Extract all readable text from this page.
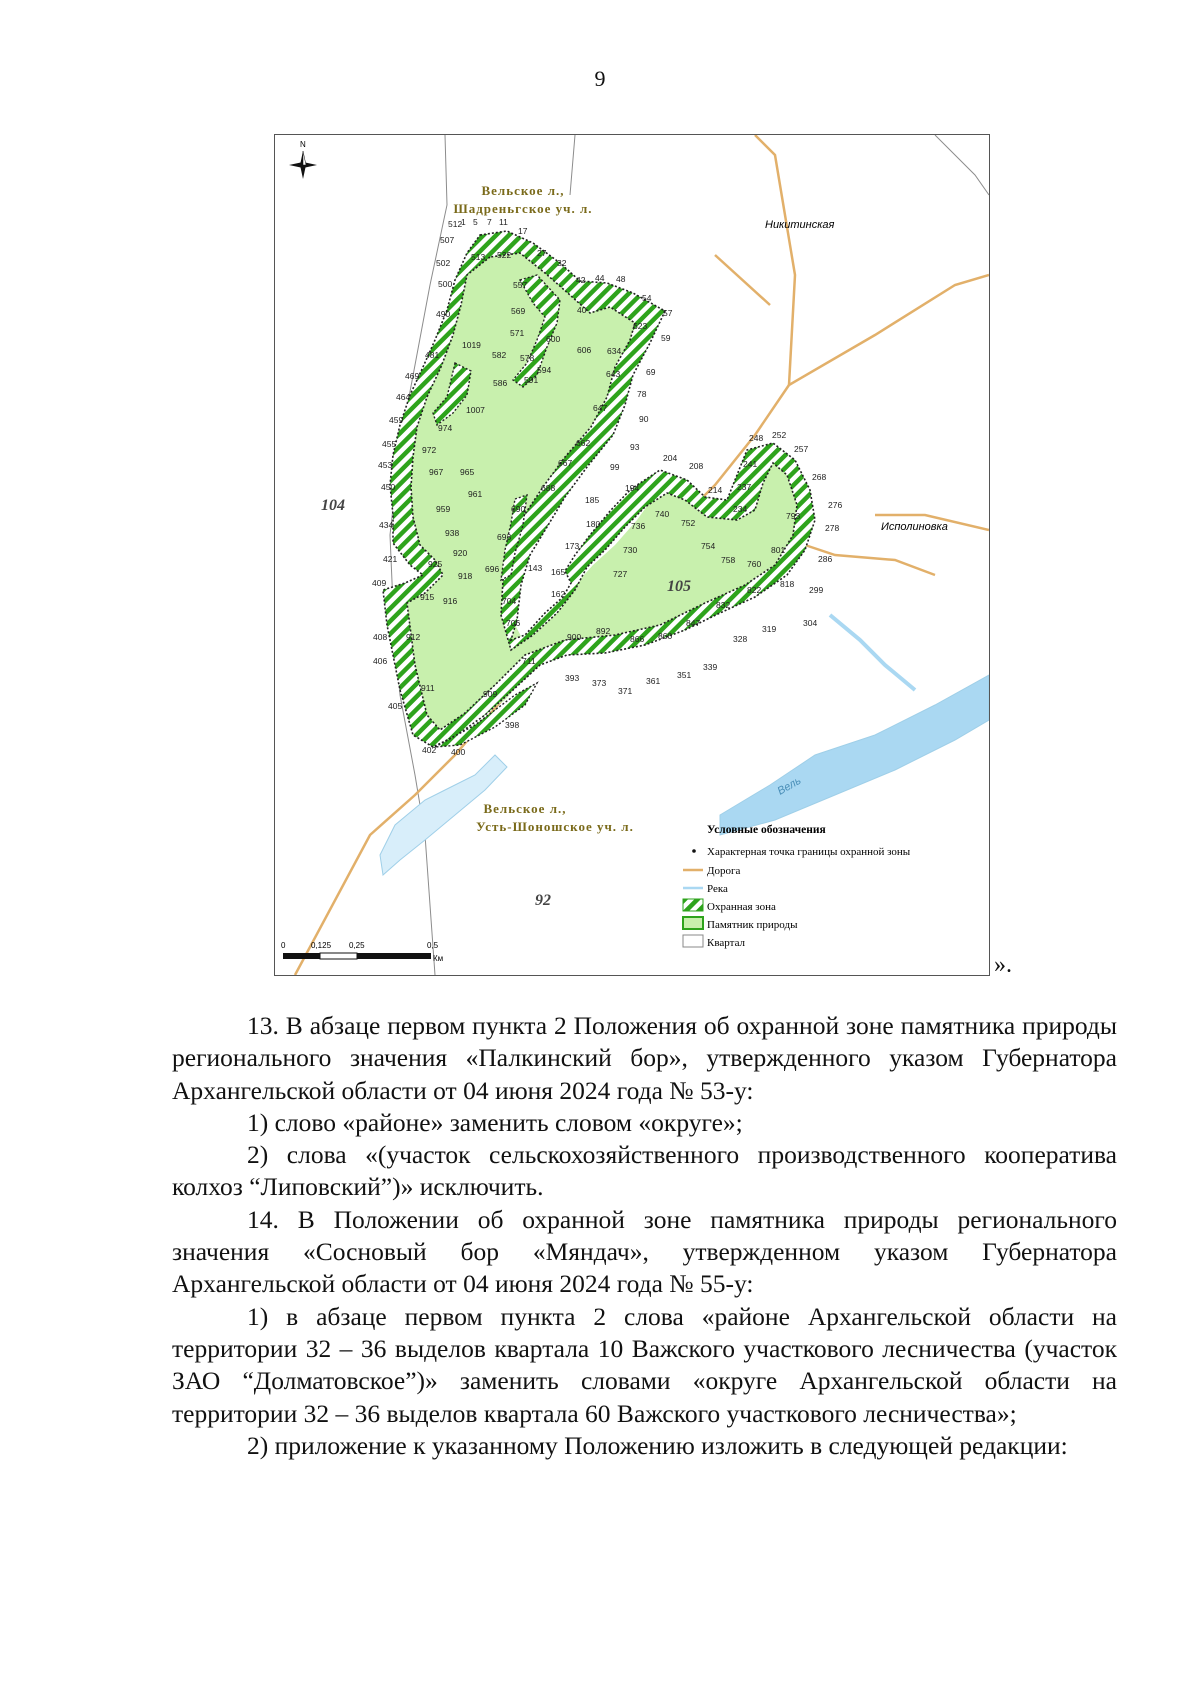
9
512
1 5 7 11
17
507
27
32
513 522
502
500	557	42 44 48
54
57
490	569	40
623
571
600	59
1019
481	582	606 634
578
594
469
586 591
643	69
464	78
1007	647
459	90
974
455	662	93
972
453	667	99
967 965
450	688
961
185
959	690
434	180
938	693
173
421
920
696
925	143 165
409
918
915 916	704
162
706
408 912
406	711
393 373
371
361
351
339
911
909
405
398
402 400
900
892
866 860
847
832
328
319
304
822
818
299
801
760
758
754
752
740
736
730
727
194
204
208
214
234
237
241
248 252
257
268
276
278
286
793
N
Вельское л.,
Шадреньгское уч. л.
Вельское л.,
Усть-Шоношское уч. л.
Никитинская
Исполиновка
Вель
104
105
92
0	0,125 0,25	0,5
Км
Условные обозначения
Характерная точка границы охранной зоны
Дорога
Река
Охранная зона
Памятник природы
Квартал
».

13. В абзаце первом пункта 2 Положения об охранной зоне памятника природы регионального значения «Палкинский бор», утвержденного указом Губернатора Архангельской области от 04 июня 2024 года № 53-у:

1) слово «районе» заменить словом «округе»;

2) слова «(участок сельскохозяйственного производственного кооператива колхоз “Липовский”)» исключить.

14. В Положении об охранной зоне памятника природы регионального значения «Сосновый бор «Мяндач», утвержденном указом Губернатора Архангельской области от 04 июня 2024 года № 55-у:

1) в абзаце первом пункта 2 слова «районе Архангельской области на территории 32 – 36 выделов квартала 10 Важского участкового лесничества (участок ЗАО “Долматовское”)» заменить словами «округе Архангельской области на территории 32 – 36 выделов квартала 60 Важского участкового лесничества»;

2) приложение к указанному Положению изложить в следующей редакции:
